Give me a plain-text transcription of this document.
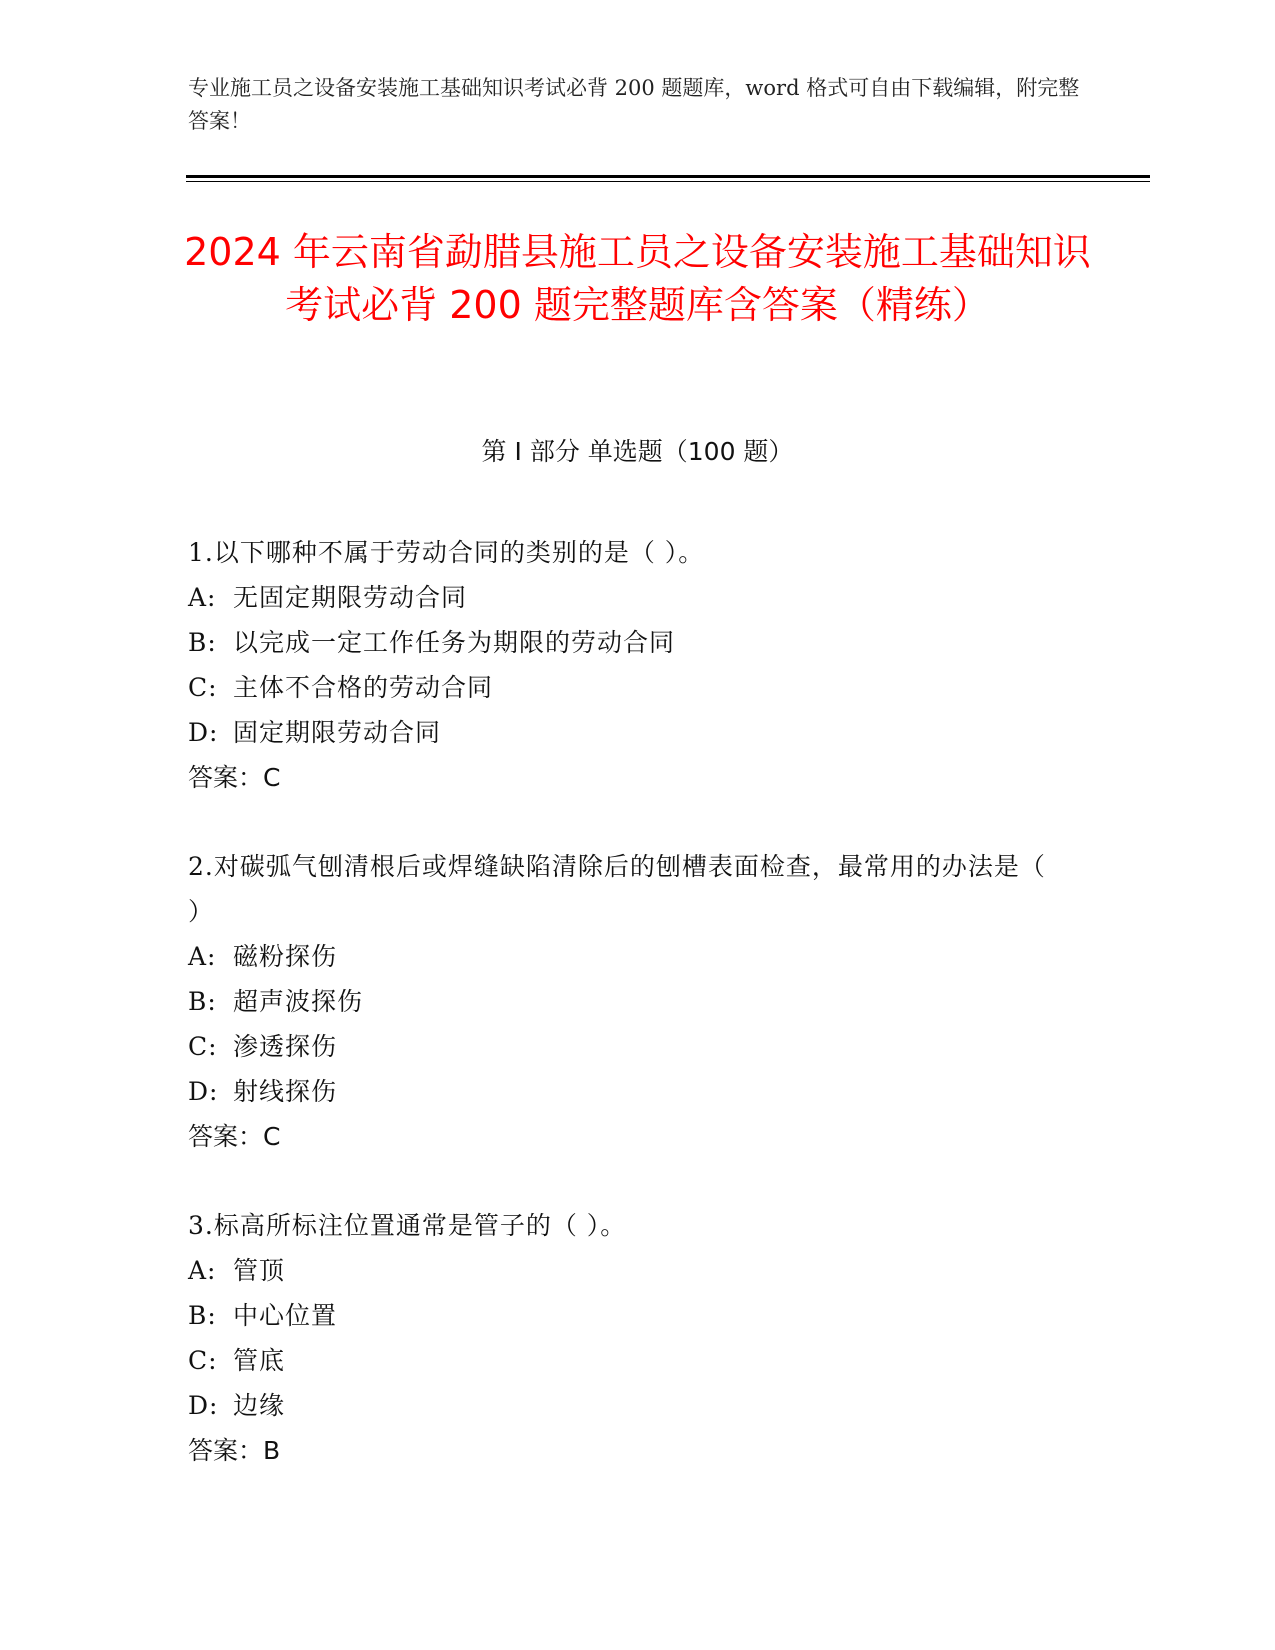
专业施工员之设备安装施工基础知识考试必背 200 题题库，word 格式可自由下载编辑，附完整答案！
2024 年云南省勐腊县施工员之设备安装施工基础知识考试必背 200 题完整题库含答案（精练）
第 I 部分 单选题（100 题）
1.以下哪种不属于劳动合同的类别的是（ ）。
A: 无固定期限劳动合同
B: 以完成一定工作任务为期限的劳动合同
C: 主体不合格的劳动合同
D: 固定期限劳动合同
答案：C
2.对碳弧气刨清根后或焊缝缺陷清除后的刨槽表面检查，最常用的办法是（ ）
A: 磁粉探伤
B: 超声波探伤
C: 渗透探伤
D: 射线探伤
答案：C
3.标高所标注位置通常是管子的（ ）。
A: 管顶
B: 中心位置
C: 管底
D: 边缘
答案：B
